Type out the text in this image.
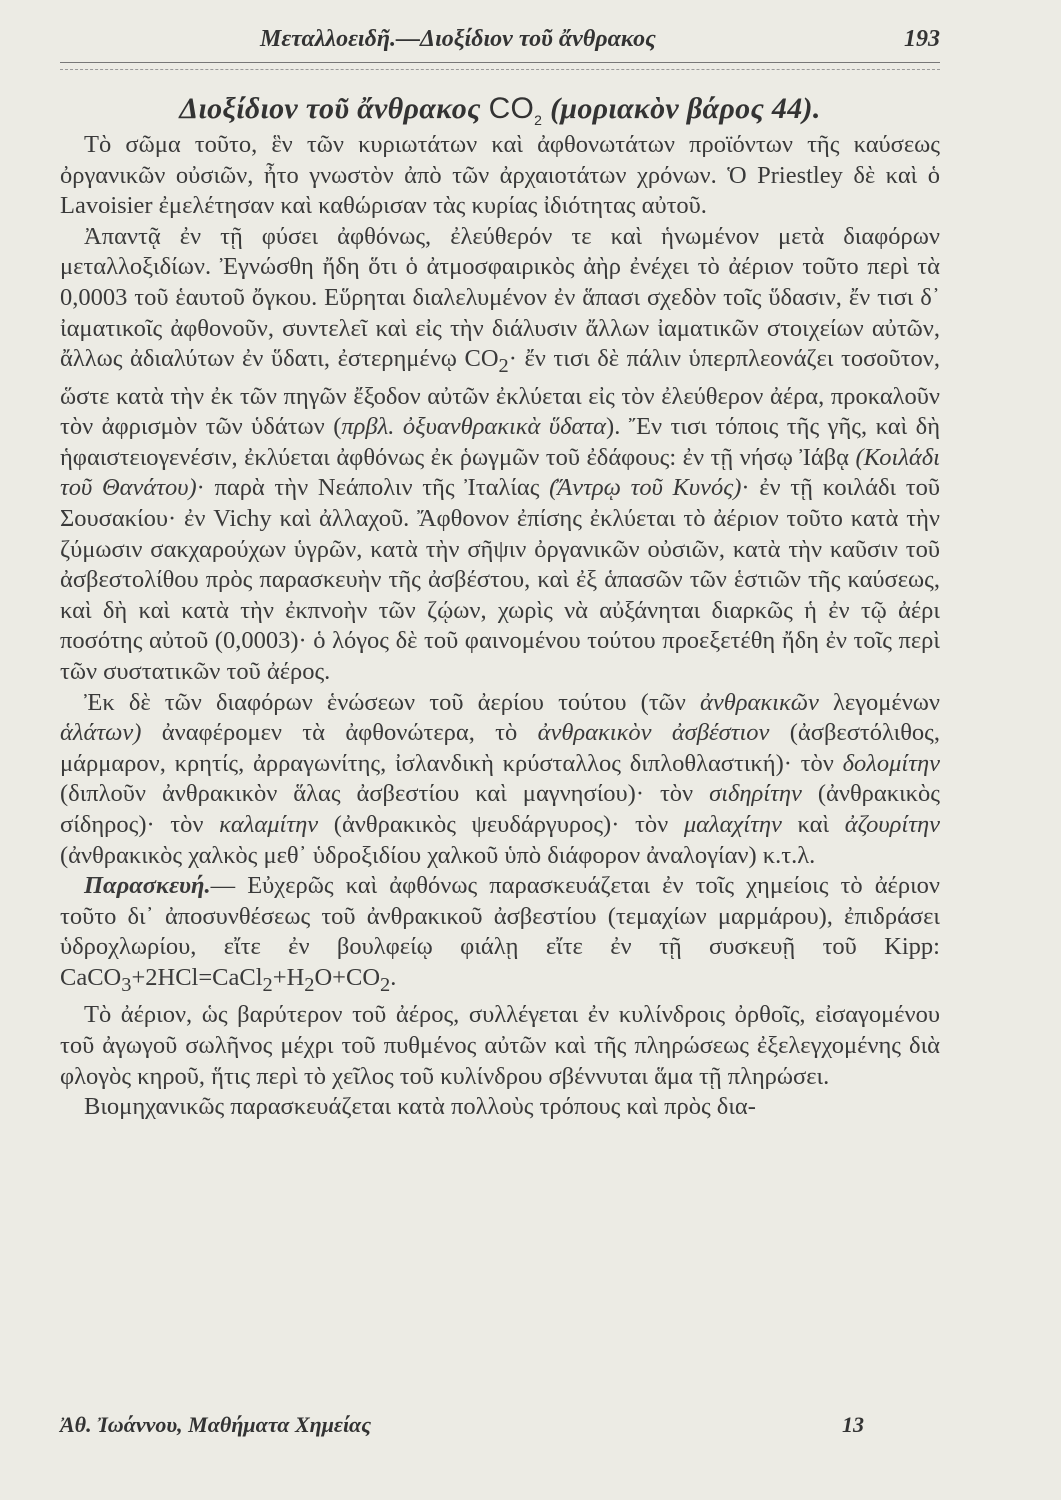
Μεταλλοειδῆ.—Διοξίδιον τοῦ ἄνθρακος	193
Διοξίδιον τοῦ ἄνθρακος $CO_2$ (μοριακὸν βάρος 44).

Τὸ σῶμα τοῦτο, ἓν τῶν κυριωτάτων καὶ ἀφθονωτάτων προϊόντων τῆς καύσεως ὀργανικῶν οὐσιῶν, ἦτο γνωστὸν ἀπὸ τῶν ἀρχαιοτάτων χρόνων. Ὁ Priestley δὲ καὶ ὁ Lavoisier ἐμελέτησαν καὶ καθώρισαν τὰς κυρίας ἰδιότητας αὐτοῦ.

Ἀπαντᾷ ἐν τῇ φύσει ἀφθόνως, ἐλεύθερόν τε καὶ ἡνωμένον μετὰ διαφόρων μεταλλοξιδίων. Ἐγνώσθη ἤδη ὅτι ὁ ἀτμοσφαιρικὸς ἀὴρ ἐνέχει τὸ ἀέριον τοῦτο περὶ τὰ 0,0003 τοῦ ἑαυτοῦ ὄγκου. Εὕρηται διαλελυμένον ἐν ἅπασι σχεδὸν τοῖς ὕδασιν, ἔν τισι δ᾽ ἰαματικοῖς ἀφθονοῦν, συντελεῖ καὶ εἰς τὴν διάλυσιν ἄλλων ἰαματικῶν στοιχείων αὐτῶν, ἄλλως ἀδιαλύτων ἐν ὕδατι, ἐστερημένῳ $CO_2\cdot$ ἔν τισι δὲ πάλιν ὑπερπλεονάζει τοσοῦτον, ὥστε κατὰ τὴν ἐκ τῶν πηγῶν ἔξοδον αὐτῶν ἐκλύεται εἰς τὸν ἐλεύθερον ἀέρα, προκαλοῦν τὸν ἀφρισμὸν τῶν ὑδάτων (πρβλ. ὀξυανθρακικὰ ὕδατα). Ἔν τισι τόποις τῆς γῆς, καὶ δὴ ἡφαιστειογενέσιν, ἐκλύεται ἀφθόνως ἐκ ῥωγμῶν τοῦ ἐδάφους: ἐν τῇ νήσῳ Ἰάβᾳ (Κοιλάδι τοῦ Θανάτου)· παρὰ τὴν Νεάπολιν τῆς Ἰταλίας (Ἄντρῳ τοῦ Κυνός)· ἐν τῇ κοιλάδι τοῦ Σουσακίου· ἐν Vichy καὶ ἀλλαχοῦ. Ἄφθονον ἐπίσης ἐκλύεται τὸ ἀέριον τοῦτο κατὰ τὴν ζύμωσιν σακχαρούχων ὑγρῶν, κατὰ τὴν σῆψιν ὀργανικῶν οὐσιῶν, κατὰ τὴν καῦσιν τοῦ ἀσβεστολίθου πρὸς παρασκευὴν τῆς ἀσβέστου, καὶ ἐξ ἁπασῶν τῶν ἑστιῶν τῆς καύσεως, καὶ δὴ καὶ κατὰ τὴν ἐκπνοὴν τῶν ζῴων, χωρὶς νὰ αὐξάνηται διαρκῶς ἡ ἐν τῷ ἀέρι ποσότης αὐτοῦ (0,0003)· ὁ λόγος δὲ τοῦ φαινομένου τούτου προεξετέθη ἤδη ἐν τοῖς περὶ τῶν συστατικῶν τοῦ ἀέρος.

Ἐκ δὲ τῶν διαφόρων ἑνώσεων τοῦ ἀερίου τούτου (τῶν ἀνθρακικῶν λεγομένων ἁλάτων) ἀναφέρομεν τὰ ἀφθονώτερα, τὸ ἀνθρακικὸν ἀσβέστιον (ἀσβεστόλιθος, μάρμαρον, κρητίς, ἀρραγωνίτης, ἰσλανδικὴ κρύσταλλος διπλοθλαστική)· τὸν δολομίτην (διπλοῦν ἀνθρακικὸν ἅλας ἀσβεστίου καὶ μαγνησίου)· τὸν σιδηρίτην (ἀνθρακικὸς σίδηρος)· τὸν καλαμίτην (ἀνθρακικὸς ψευδάργυρος)· τὸν μαλαχίτην καὶ ἀζουρίτην (ἀνθρακικὸς χαλκὸς μεθ᾽ ὑδροξιδίου χαλκοῦ ὑπὸ διάφορον ἀναλογίαν) κ.τ.λ.

Παρασκευή.— Εὐχερῶς καὶ ἀφθόνως παρασκευάζεται ἐν τοῖς χημείοις τὸ ἀέριον τοῦτο δι᾽ ἀποσυνθέσεως τοῦ ἀνθρακικοῦ ἀσβεστίου (τεμαχίων μαρμάρου), ἐπιδράσει ὑδροχλωρίου, εἴτε ἐν βουλφείῳ φιάλῃ εἴτε ἐν τῇ συσκευῇ τοῦ Kipp: $CaCO_3+2HCl=CaCl_2+H_2O+CO_2$.

Τὸ ἀέριον, ὡς βαρύτερον τοῦ ἀέρος, συλλέγεται ἐν κυλίνδροις ὀρθοῖς, εἰσαγομένου τοῦ ἀγωγοῦ σωλῆνος μέχρι τοῦ πυθμένος αὐτῶν καὶ τῆς πληρώσεως ἐξελεγχομένης διὰ φλογὸς κηροῦ, ἥτις περὶ τὸ χεῖλος τοῦ κυλίνδρου σβέννυται ἅμα τῇ πληρώσει.

Βιομηχανικῶς παρασκευάζεται κατὰ πολλοὺς τρόπους καὶ πρὸς δια-

Ἀθ. Ἰωάννου, Μαθήματα Χημείας	13
